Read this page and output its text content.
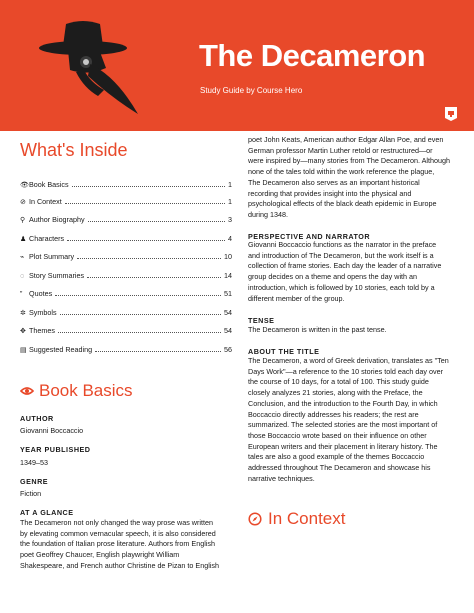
The Decameron
Study Guide by Course Hero
What's Inside
👁 Book Basics	1
⊘ In Context	1
⚲ Author Biography	3
♟ Characters	4
⌁ Plot Summary	10
◌ Story Summaries	14
” Quotes	51
✲ Symbols	54
✥ Themes	54
▤ Suggested Reading	56
Book Basics
AUTHOR
Giovanni Boccaccio
YEAR PUBLISHED
1349–53
GENRE
Fiction
AT A GLANCE
The Decameron not only changed the way prose was written
by elevating common vernacular speech, it is also considered
the foundation of Italian prose literature. Authors from English
poet Geoffrey Chaucer, English playwright William
Shakespeare, and French author Christine de Pizan to English
poet John Keats, American author Edgar Allan Poe, and even
German professor Martin Luther retold or restructured—or
were inspired by—many stories from The Decameron. Although
none of the tales told within the work reference the plague,
The Decameron also serves as an important historical
recording that provides insight into the physical and
psychological effects of the black death epidemic in Europe
during 1348.
PERSPECTIVE AND NARRATOR
Giovanni Boccaccio functions as the narrator in the preface
and introduction of The Decameron, but the work itself is a
collection of frame stories. Each day the leader of a narrative
group decides on a theme and opens the day with an
introduction, which is followed by 10 stories, each told by a
different member of the group.
TENSE
The Decameron is written in the past tense.
ABOUT THE TITLE
The Decameron, a word of Greek derivation, translates as "Ten
Days Work"—a reference to the 10 stories told each day over
the course of 10 days, for a total of 100. This study guide
closely analyzes 21 stories, along with the Preface, the
Conclusion, and the introduction to the Fourth Day, in which
Boccaccio directly addresses his readers; the rest are
summarized. The selected stories are the most important of
those Boccaccio wrote based on their influence on other
European writers and their placement in literary history. The
tales are also a good example of the themes Boccaccio
addressed throughout The Decameron and showcase his
narrative techniques.
In Context
